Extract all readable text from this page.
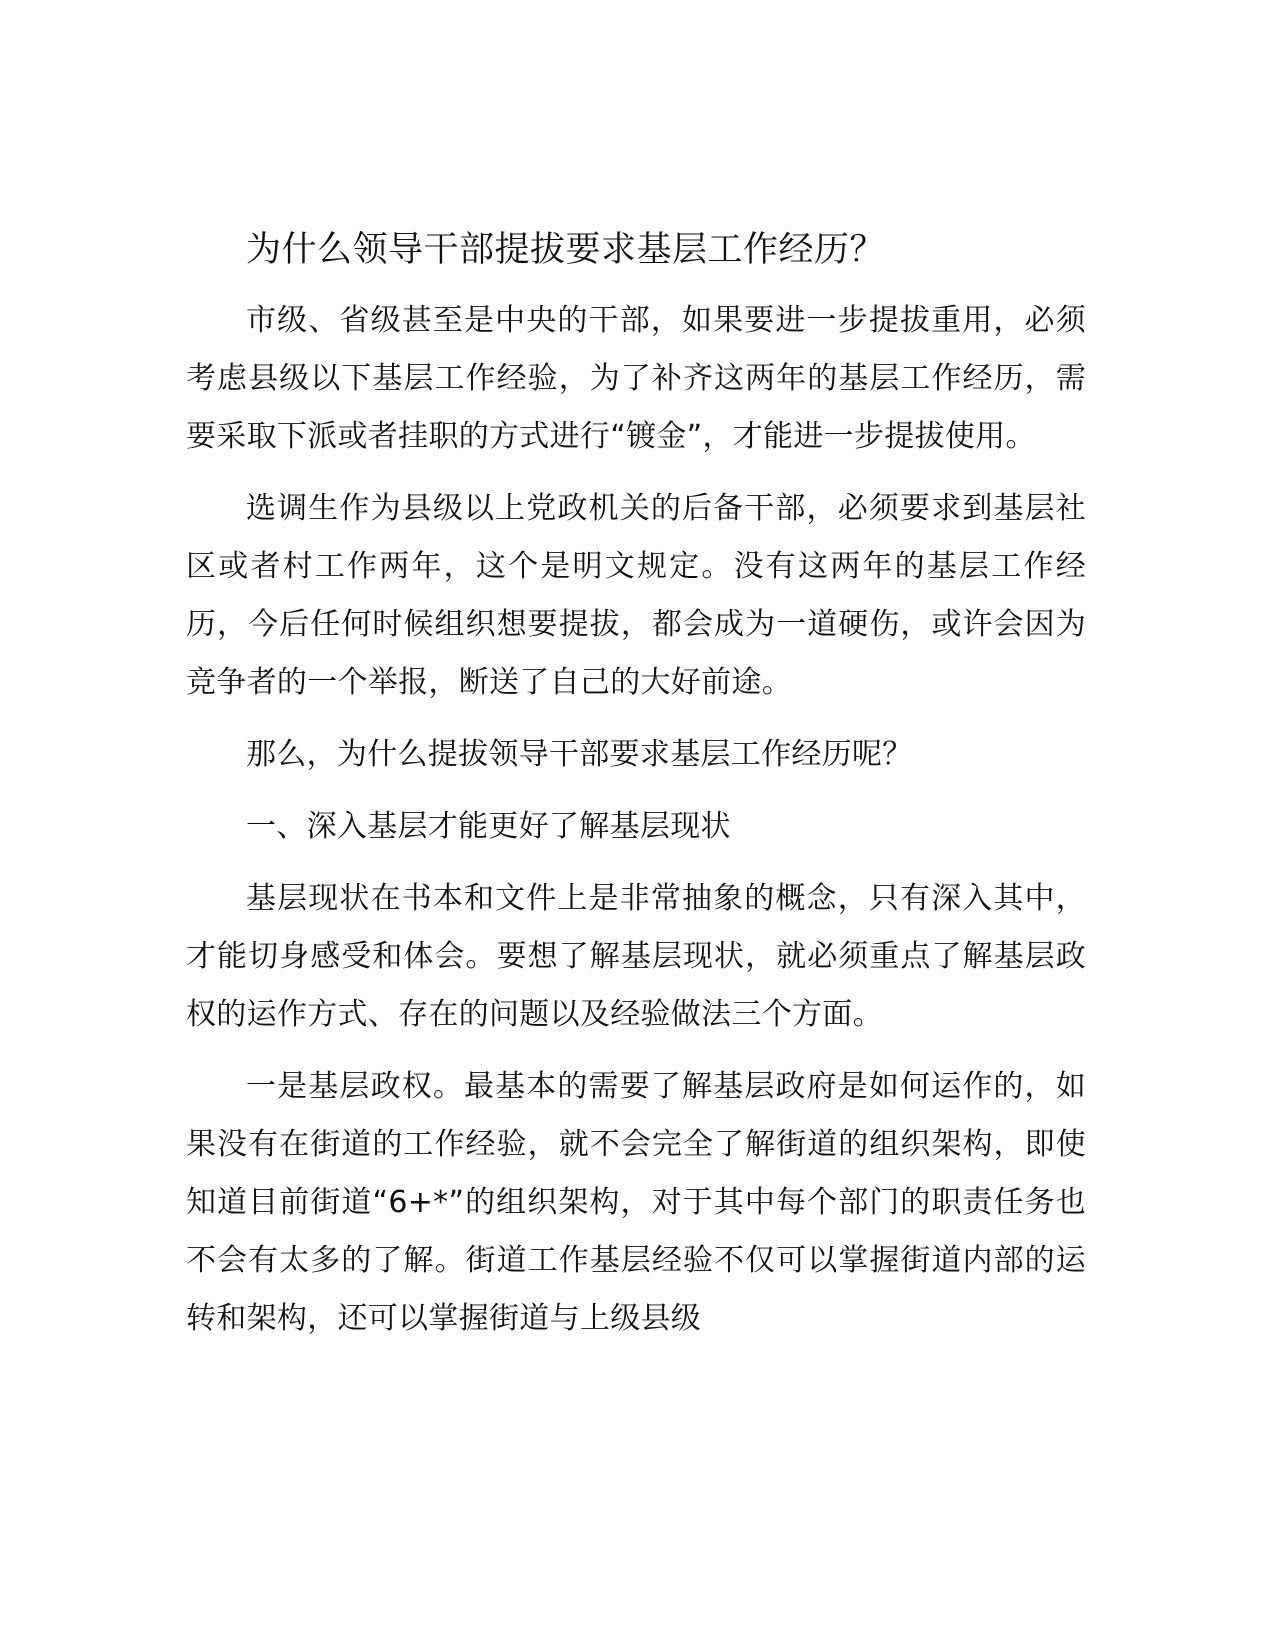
为什么领导干部提拔要求基层工作经历？

市级、省级甚至是中央的干部，如果要进一步提拔重用，必须考虑县级以下基层工作经验，为了补齐这两年的基层工作经历，需要采取下派或者挂职的方式进行“镀金”，才能进一步提拔使用。

选调生作为县级以上党政机关的后备干部，必须要求到基层社区或者村工作两年，这个是明文规定。没有这两年的基层工作经历，今后任何时候组织想要提拔，都会成为一道硬伤，或许会因为竞争者的一个举报，断送了自己的大好前途。

那么，为什么提拔领导干部要求基层工作经历呢？

一、深入基层才能更好了解基层现状

基层现状在书本和文件上是非常抽象的概念，只有深入其中，才能切身感受和体会。要想了解基层现状，就必须重点了解基层政权的运作方式、存在的问题以及经验做法三个方面。

一是基层政权。最基本的需要了解基层政府是如何运作的，如果没有在街道的工作经验，就不会完全了解街道的组织架构，即使知道目前街道“6+*”的组织架构，对于其中每个部门的职责任务也不会有太多的了解。街道工作基层经验不仅可以掌握街道内部的运转和架构，还可以掌握街道与上级县级
